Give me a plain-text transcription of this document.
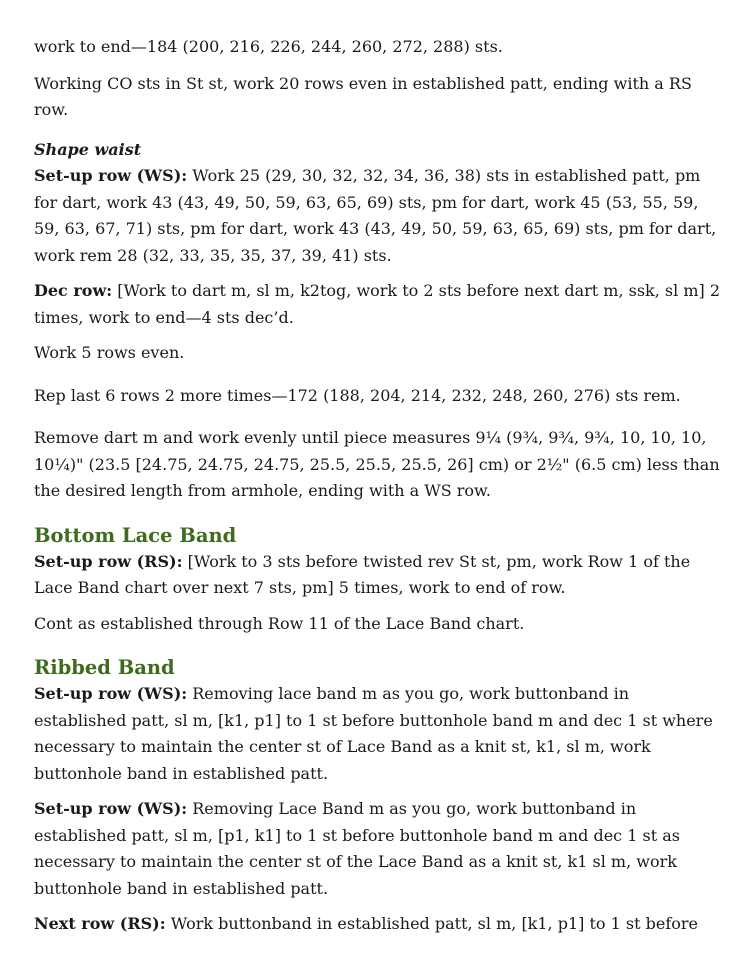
work to end—184 (200, 216, 226, 244, 260, 272, 288) sts.

Working CO sts in St st, work 20 rows even in established patt, ending with a RS row.

Shape waist

Set-up row (WS): Work 25 (29, 30, 32, 32, 34, 36, 38) sts in established patt, pm for dart, work 43 (43, 49, 50, 59, 63, 65, 69) sts, pm for dart, work 45 (53, 55, 59, 59, 63, 67, 71) sts, pm for dart, work 43 (43, 49, 50, 59, 63, 65, 69) sts, pm for dart, work rem 28 (32, 33, 35, 35, 37, 39, 41) sts.

Dec row: [Work to dart m, sl m, k2tog, work to 2 sts before next dart m, ssk, sl m] 2 times, work to end—4 sts dec’d.

Work 5 rows even.

Rep last 6 rows 2 more times—172 (188, 204, 214, 232, 248, 260, 276) sts rem.

Remove dart m and work evenly until piece measures 9¼ (9¾, 9¾, 9¾, 10, 10, 10, 10¼)" (23.5 [24.75, 24.75, 24.75, 25.5, 25.5, 25.5, 26] cm) or 2½" (6.5 cm) less than the desired length from armhole, ending with a WS row.

Bottom Lace Band

Set-up row (RS): [Work to 3 sts before twisted rev St st, pm, work Row 1 of the Lace Band chart over next 7 sts, pm] 5 times, work to end of row.

Cont as established through Row 11 of the Lace Band chart.

Ribbed Band

Set-up row (WS): Removing lace band m as you go, work buttonband in established patt, sl m, [k1, p1] to 1 st before buttonhole band m and dec 1 st where necessary to maintain the center st of Lace Band as a knit st, k1, sl m, work buttonhole band in established patt.

Set-up row (WS): Removing Lace Band m as you go, work buttonband in established patt, sl m, [p1, k1] to 1 st before buttonhole band m and dec 1 st as necessary to maintain the center st of the Lace Band as a knit st, k1 sl m, work buttonhole band in established patt.

Next row (RS): Work buttonband in established patt, sl m, [k1, p1] to 1 st before
